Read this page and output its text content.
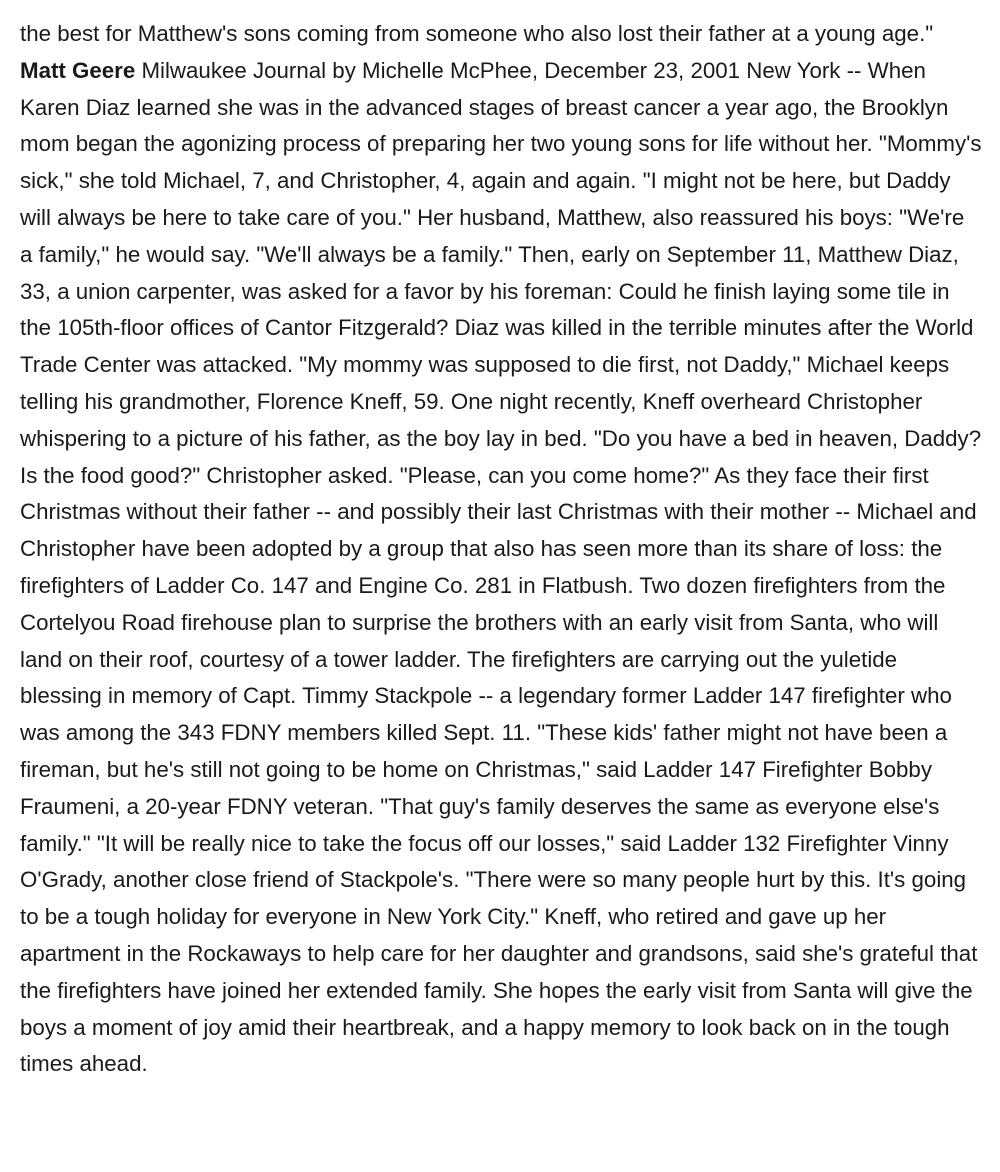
the best for Matthew's sons coming from someone who also lost their father at a young age." Matt Geere Milwaukee Journal by Michelle McPhee, December 23, 2001 New York -- When Karen Diaz learned she was in the advanced stages of breast cancer a year ago, the Brooklyn mom began the agonizing process of preparing her two young sons for life without her. "Mommy's sick," she told Michael, 7, and Christopher, 4, again and again. "I might not be here, but Daddy will always be here to take care of you." Her husband, Matthew, also reassured his boys: "We're a family," he would say. "We'll always be a family." Then, early on September 11, Matthew Diaz, 33, a union carpenter, was asked for a favor by his foreman: Could he finish laying some tile in the 105th-floor offices of Cantor Fitzgerald? Diaz was killed in the terrible minutes after the World Trade Center was attacked. "My mommy was supposed to die first, not Daddy," Michael keeps telling his grandmother, Florence Kneff, 59. One night recently, Kneff overheard Christopher whispering to a picture of his father, as the boy lay in bed. "Do you have a bed in heaven, Daddy? Is the food good?" Christopher asked. "Please, can you come home?" As they face their first Christmas without their father -- and possibly their last Christmas with their mother -- Michael and Christopher have been adopted by a group that also has seen more than its share of loss: the firefighters of Ladder Co. 147 and Engine Co. 281 in Flatbush. Two dozen firefighters from the Cortelyou Road firehouse plan to surprise the brothers with an early visit from Santa, who will land on their roof, courtesy of a tower ladder. The firefighters are carrying out the yuletide blessing in memory of Capt. Timmy Stackpole -- a legendary former Ladder 147 firefighter who was among the 343 FDNY members killed Sept. 11. "These kids' father might not have been a fireman, but he's still not going to be home on Christmas," said Ladder 147 Firefighter Bobby Fraumeni, a 20-year FDNY veteran. "That guy's family deserves the same as everyone else's family." "It will be really nice to take the focus off our losses," said Ladder 132 Firefighter Vinny O'Grady, another close friend of Stackpole's. "There were so many people hurt by this. It's going to be a tough holiday for everyone in New York City." Kneff, who retired and gave up her apartment in the Rockaways to help care for her daughter and grandsons, said she's grateful that the firefighters have joined her extended family. She hopes the early visit from Santa will give the boys a moment of joy amid their heartbreak, and a happy memory to look back on in the tough times ahead.
